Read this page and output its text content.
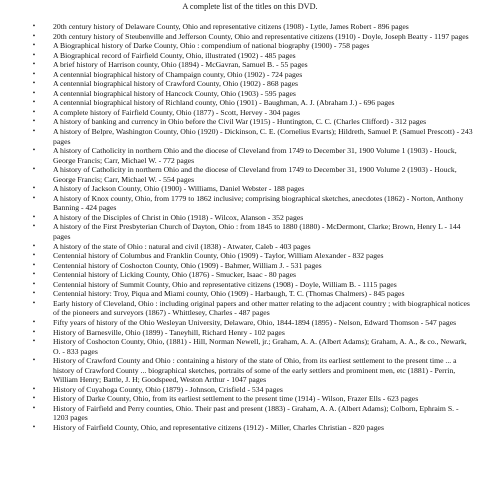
A complete list of the titles on this DVD.
•	20th century history of Delaware County, Ohio and representative citizens (1908) - Lytle, James Robert - 896 pages
•	20th century history of Steubenville and Jefferson County, Ohio and representative citizens (1910) - Doyle, Joseph Beatty - 1197 pages
•	A Biographical history of Darke County, Ohio : compendium of national biography (1900) - 758 pages
•	A Biographical record of Fairfield County, Ohio, illustrated (1902) - 485 pages
•	A brief history of Harrison county, Ohio (1894) - McGavran, Samuel B. - 55 pages
•	A centennial biographical history of Champaign county, Ohio (1902) - 724 pages
•	A centennial biographical history of Crawford County, Ohio (1902) - 868 pages
•	A centennial biographical history of Hancock County, Ohio (1903) - 595 pages
•	A centennial biographical history of Richland county, Ohio (1901) - Baughman, A. J. (Abraham J.) - 696 pages
•	A complete history of Fairfield County, Ohio (1877) - Scott, Hervey - 304 pages
•	A history of banking and currency in Ohio before the Civil War (1915) - Huntington, C. C. (Charles Clifford) - 312 pages
•	A history of Belpre, Washington County, Ohio (1920) - Dickinson, C. E. (Cornelius Evarts); Hildreth, Samuel P. (Samuel Prescott) - 243 pages
•	A history of Catholicity in northern Ohio and the diocese of Cleveland from 1749 to December 31, 1900 Volume 1 (1903) - Houck, George Francis; Carr, Michael W. - 772 pages
•	A history of Catholicity in northern Ohio and the diocese of Cleveland from 1749 to December 31, 1900 Volume 2 (1903) - Houck, George Francis; Carr, Michael W. - 554 pages
•	A history of Jackson County, Ohio (1900) - Williams, Daniel Webster - 188 pages
•	A history of Knox county, Ohio, from 1779 to 1862 inclusive; comprising biographical sketches, anecdotes (1862) - Norton, Anthony Banning - 424 pages
•	A history of the Disciples of Christ in Ohio (1918) - Wilcox, Alanson - 352 pages
•	A history of the First Presbyterian Church of Dayton, Ohio : from 1845 to 1880 (1880) - McDermont, Clarke; Brown, Henry L - 144 pages
•	A history of the state of Ohio : natural and civil (1838) - Atwater, Caleb - 403 pages
•	Centennial history of Columbus and Franklin County, Ohio (1909) - Taylor, William Alexander - 832 pages
•	Centennial history of Coshocton County, Ohio (1909) - Bahmer, William J. - 531 pages
•	Centennial history of Licking County, Ohio (1876) - Smucker, Isaac - 80 pages
•	Centennial history of Summit County, Ohio and representative citizens (1908) - Doyle, William B. - 1115 pages
•	Centennial history: Troy, Piqua and Miami county, Ohio (1909) - Harbaugh, T. C. (Thomas Chalmers) - 845 pages
•	Early history of Cleveland, Ohio : including original papers and other matter relating to the adjacent country ; with biographical notices of the pioneers and surveyors (1867) - Whittlesey, Charles - 487 pages
•	Fifty years of history of the Ohio Wesleyan University, Delaware, Ohio, 1844-1894 (1895) - Nelson, Edward Thomson - 547 pages
•	History of Barnesville, Ohio (1899) - Taneyhill, Richard Henry - 102 pages
•	History of Coshocton County, Ohio, (1881) - Hill, Norman Newell, jr.; Graham, A. A. (Albert Adams); Graham, A. A., & co., Newark, O. - 833 pages
•	History of Crawford County and Ohio : containing a history of the state of Ohio, from its earliest settlement to the present time ... a history of Crawford County ... biographical sketches, portraits of some of the early settlers and prominent men, etc (1881) - Perrin, William Henry; Battle, J. H; Goodspeed, Weston Arthur - 1047 pages
•	History of Cuyahoga County, Ohio (1879) - Johnson, Crisfield - 534 pages
•	History of Darke County, Ohio, from its earliest settlement to the present time (1914) - Wilson, Frazer Ells - 623 pages
•	History of Fairfield and Perry counties, Ohio. Their past and present (1883) - Graham, A. A. (Albert Adams); Colborn, Ephraim S. - 1203 pages
•	History of Fairfield County, Ohio, and representative citizens (1912) - Miller, Charles Christian - 820 pages
